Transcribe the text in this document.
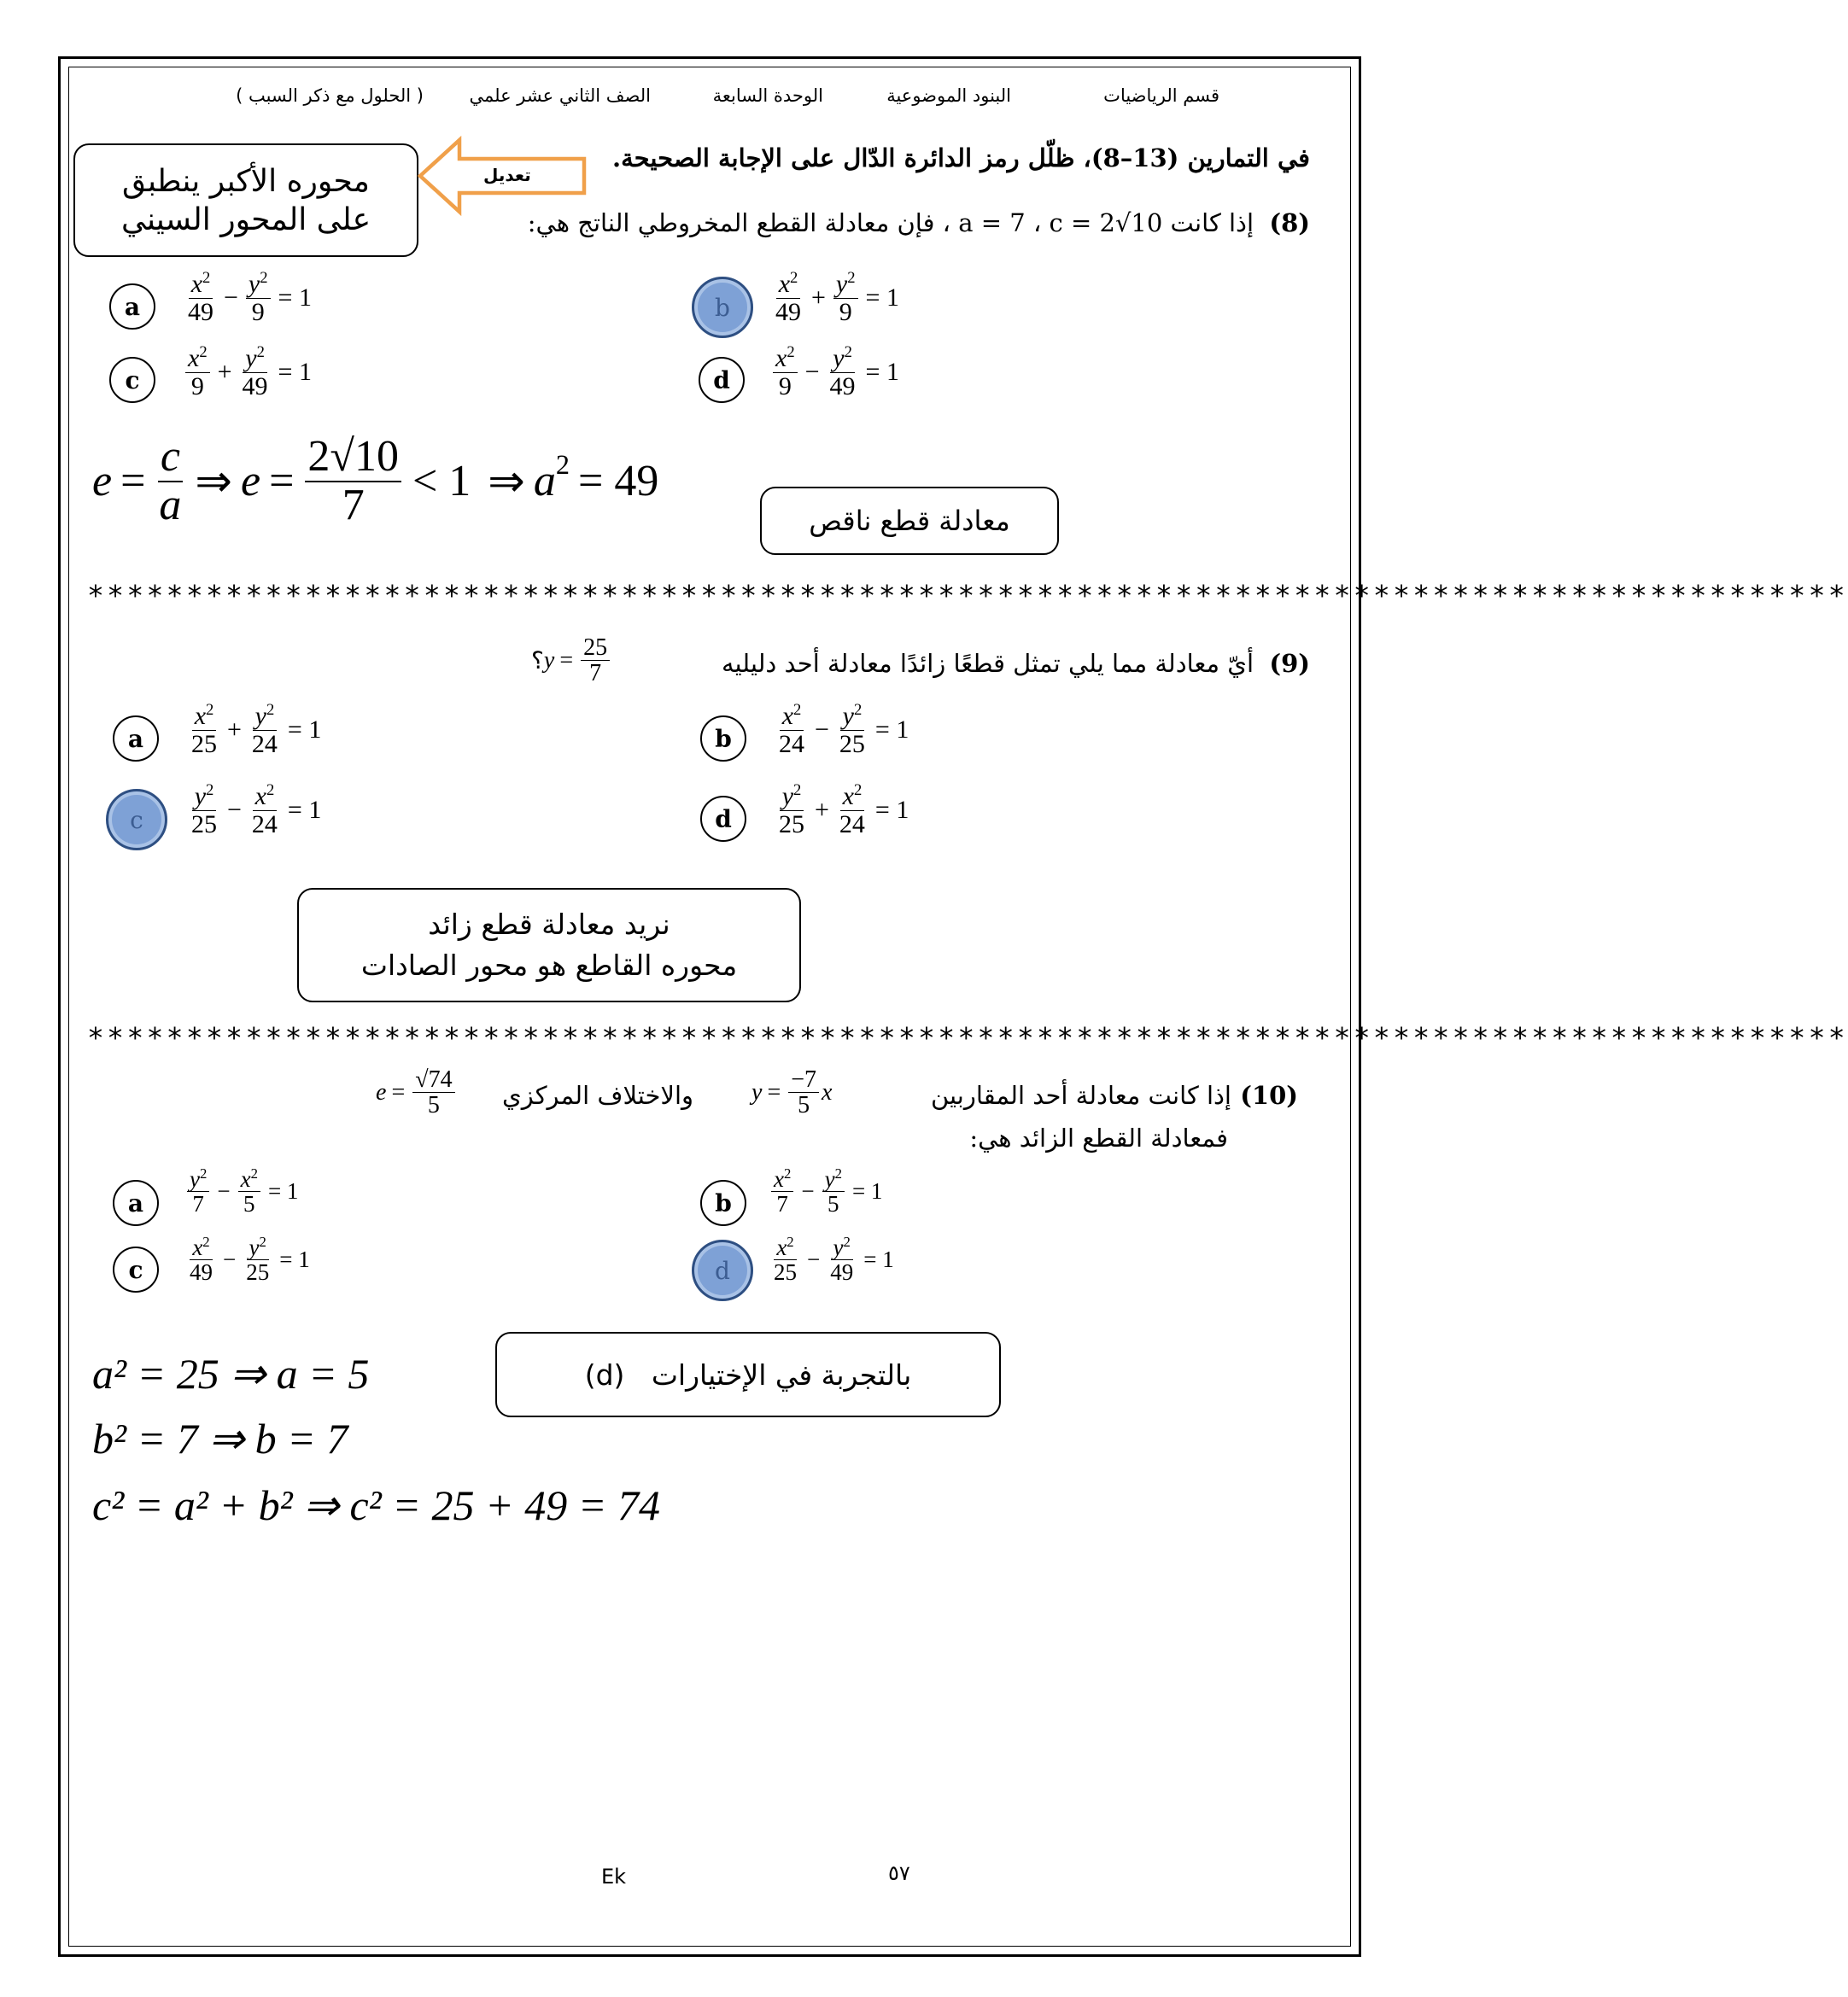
قسم الرياضيات
البنود الموضوعية
الوحدة السابعة
الصف الثاني عشر علمي
( الحلول مع ذكر السبب )
في التمارين (13–8)، ظلّل رمز الدائرة الدّال على الإجابة الصحيحة.
محوره الأكبر ينطبق
على المحور السيني
تعديل
(8)
إذا كانت a = 7 ، c = 2√10 ، فإن معادلة القطع المخروطي الناتج هي:
a $\frac{x^2}{49} - \frac{y^2}{9} = 1$	b $\frac{x^2}{49} + \frac{y^2}{9} = 1$
c $\frac{x^2}{9} + \frac{y^2}{49} = 1$	d $\frac{x^2}{9} - \frac{y^2}{49} = 1$
$e = \frac{c}{a}$ ⇒ $e = \frac{2√10}{7} < 1$ ⇒ $a^2 = 49$
معادلة قطع ناقص
*****************************************************************************************
(9)
أيّ معادلة مما يلي تمثل قطعًا زائدًا معادلة أحد دليليه
؟ $y = \frac{25}{7}$
a $\frac{x^2}{25} + \frac{y^2}{24} = 1$	b $\frac{x^2}{24} - \frac{y^2}{25} = 1$
c $\frac{y^2}{25} - \frac{x^2}{24} = 1$	d $\frac{y^2}{25} + \frac{x^2}{24} = 1$
نريد معادلة قطع زائد
محوره القاطع هو محور الصادات
*****************************************************************************************
(10)
إذا كانت معادلة أحد المقاربين
$y = \frac{-7}{5}$ x
والاختلاف المركزي
$e = \frac{√74}{5}$
فمعادلة القطع الزائد هي:
a $\frac{y^2}{7} - \frac{x^2}{5} = 1$	b $\frac{x^2}{7} - \frac{y^2}{5} = 1$
c $\frac{x^2}{49} - \frac{y^2}{25} = 1$	d $\frac{x^2}{25} - \frac{y^2}{49} = 1$
بالتجربة في الإختيارات   (d)
a² = 25 ⇒ a = 5
b² = 7 ⇒ b = 7
c² = a² + b² ⇒ c² = 25 + 49 = 74
Ek	٥٧
